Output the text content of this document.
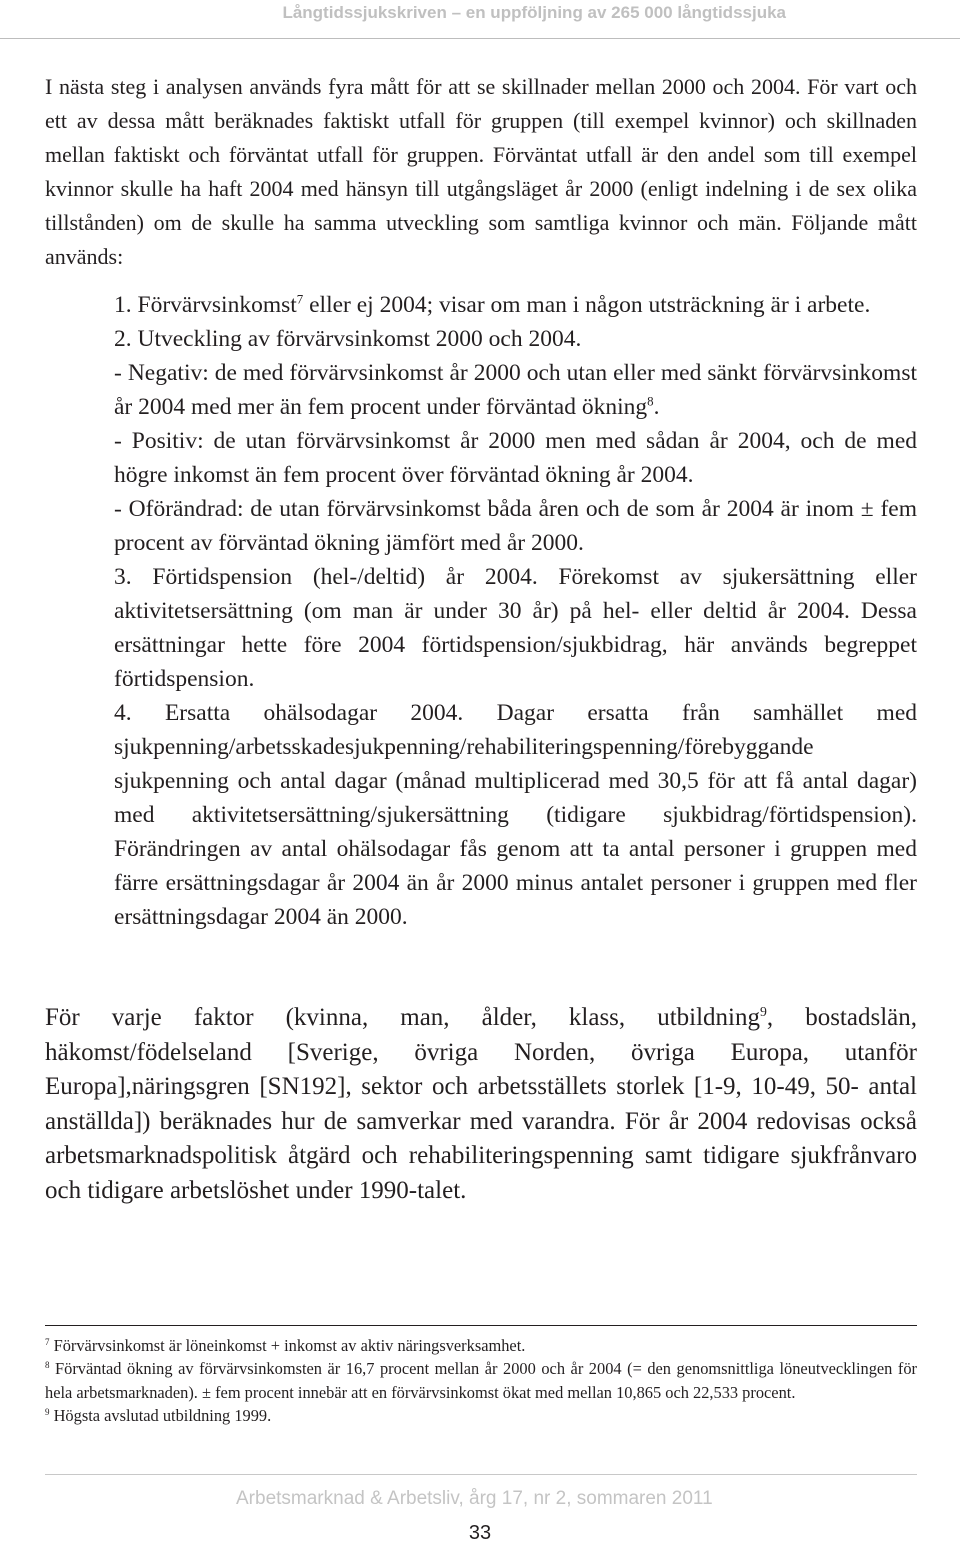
Långtidssjukskriven – en uppföljning av 265 000 långtidssjuka

I nästa steg i analysen används fyra mått för att se skillnader mellan 2000 och 2004. För vart och ett av dessa mått beräknades faktiskt utfall för gruppen (till exempel kvinnor) och skillnaden mellan faktiskt och förväntat utfall för gruppen. Förväntat utfall är den andel som till exempel kvinnor skulle ha haft 2004 med hänsyn till utgångsläget år 2000 (enligt indelning i de sex olika tillstånden) om de skulle ha samma utveckling som samtliga kvinnor och män. Följande mått används:

1. Förvärvsinkomst$^7$ eller ej 2004; visar om man i någon utsträckning är i arbete.
2. Utveckling av förvärvsinkomst 2000 och 2004.
- Negativ: de med förvärvsinkomst år 2000 och utan eller med sänkt förvärvsinkomst år 2004 med mer än fem procent under förväntad ökning$^8$.
- Positiv: de utan förvärvsinkomst år 2000 men med sådan år 2004, och de med högre inkomst än fem procent över förväntad ökning år 2004.
- Oförändrad: de utan förvärvsinkomst båda åren och de som år 2004 är inom ± fem procent av förväntad ökning jämfört med år 2000.
3. Förtidspension (hel-/deltid) år 2004. Förekomst av sjukersättning eller aktivitetsersättning (om man är under 30 år) på hel- eller deltid år 2004. Dessa ersättningar hette före 2004 förtidspension/sjukbidrag, här används begreppet förtidspension.
4. Ersatta ohälsodagar 2004. Dagar ersatta från samhället med sjukpenning/arbetsskadesjukpenning/rehabiliteringspenning/förebyggande sjukpenning och antal dagar (månad multiplicerad med 30,5 för att få antal dagar) med aktivitetsersättning/sjukersättning (tidigare sjukbidrag/förtidspension). Förändringen av antal ohälsodagar fås genom att ta antal personer i gruppen med färre ersättningsdagar år 2004 än år 2000 minus antalet personer i gruppen med fler ersättningsdagar 2004 än 2000.

För varje faktor (kvinna, man, ålder, klass, utbildning$^9$, bostadslän, häkomst/födelseland [Sverige, övriga Norden, övriga Europa, utanför Europa],näringsgren [SN192], sektor och arbetsställets storlek [1-9, 10-49, 50- antal anställda]) beräknades hur de samverkar med varandra. För år 2004 redovisas också arbetsmarknadspolitisk åtgärd och rehabiliteringspenning samt tidigare sjukfrånvaro och tidigare arbetslöshet under 1990-talet.

$^7$ Förvärvsinkomst är löneinkomst + inkomst av aktiv näringsverksamhet.

$^8$ Förväntad ökning av förvärvsinkomsten är 16,7 procent mellan år 2000 och år 2004 (= den genomsnittliga löneutvecklingen för hela arbetsmarknaden). ± fem procent innebär att en förvärvsinkomst ökat med mellan 10,865 och 22,533 procent.

$^9$ Högsta avslutad utbildning 1999.

Arbetsmarknad & Arbetsliv, årg 17, nr 2, sommaren 2011
33
